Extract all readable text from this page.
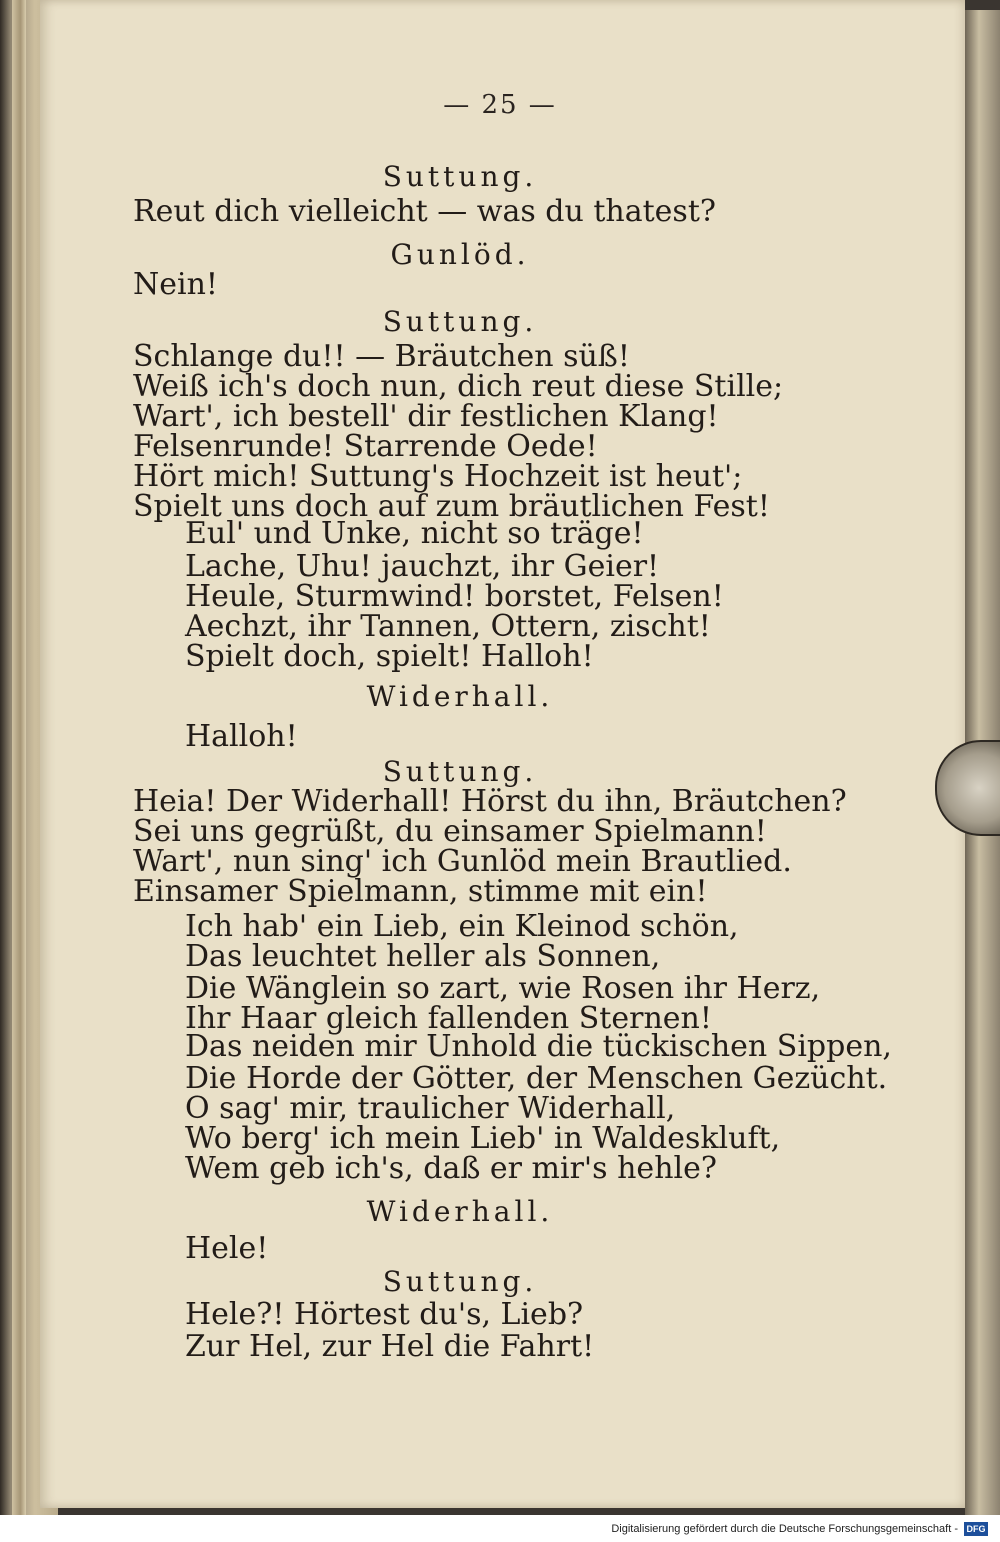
— 25 —
Suttung.
Reut dich vielleicht — was du thatest?
Gunlöd.
Nein!
Suttung.
Schlange du!! — Bräutchen süß!
Weiß ich's doch nun, dich reut diese Stille;
Wart', ich bestell' dir festlichen Klang!
Felsenrunde! Starrende Oede!
Hört mich! Suttung's Hochzeit ist heut';
Spielt uns doch auf zum bräutlichen Fest!
Eul' und Unke, nicht so träge!
Lache, Uhu! jauchzt, ihr Geier!
Heule, Sturmwind! borstet, Felsen!
Aechzt, ihr Tannen, Ottern, zischt!
Spielt doch, spielt! Halloh!
Widerhall.
Halloh!
Suttung.
Heia! Der Widerhall! Hörst du ihn, Bräutchen?
Sei uns gegrüßt, du einsamer Spielmann!
Wart', nun sing' ich Gunlöd mein Brautlied.
Einsamer Spielmann, stimme mit ein!
Ich hab' ein Lieb, ein Kleinod schön,
Das leuchtet heller als Sonnen,
Die Wänglein so zart, wie Rosen ihr Herz,
Ihr Haar gleich fallenden Sternen!
Das neiden mir Unhold die tückischen Sippen,
Die Horde der Götter, der Menschen Gezücht.
O sag' mir, traulicher Widerhall,
Wo berg' ich mein Lieb' in Waldeskluft,
Wem geb ich's, daß er mir's hehle?
Widerhall.
Hele!
Suttung.
Hele?! Hörtest du's, Lieb?
Zur Hel, zur Hel die Fahrt!
Digitalisierung gefördert durch die Deutsche Forschungsgemeinschaft - DFG
